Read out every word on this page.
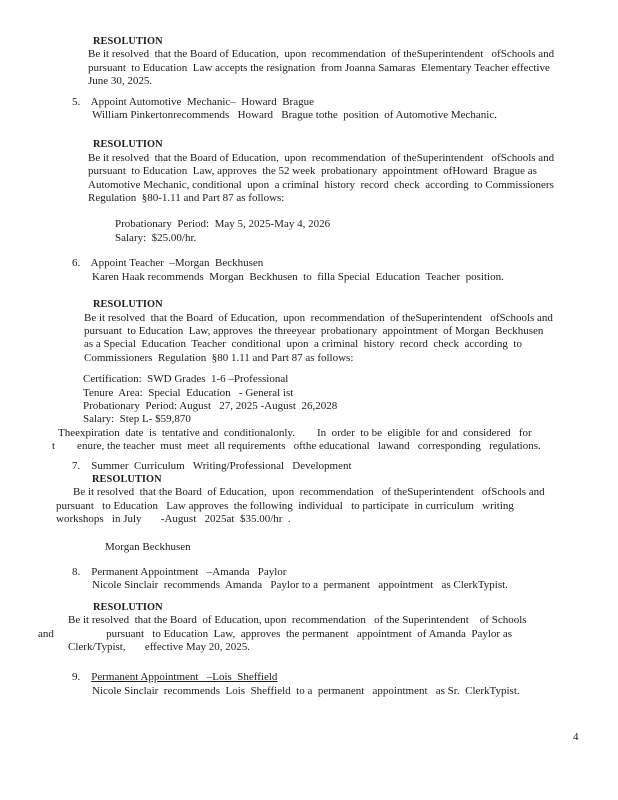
RESOLUTION
Be it resolved  that the Board of Education,  upon  recommendation  of theSuperintendent   ofSchools and
pursuant  to Education  Law accepts the resignation  from Joanna Samaras  Elementary Teacher effective
June 30, 2025.
5.    Appoint Automotive  Mechanic–  Howard  Brague
William Pinkertonrecommends   Howard   Brague tothe  position  of Automotive Mechanic.
RESOLUTION
Be it resolved  that the Board of Education,  upon  recommendation  of theSuperintendent   ofSchools and
pursuant  to Education  Law, approves  the 52 week  probationary  appointment  ofHoward  Brague as
Automotive Mechanic, conditional  upon  a criminal  history  record  check  according  to Commissioners
Regulation  §80-1.11 and Part 87 as follows:
Probationary  Period:  May 5, 2025-May 4, 2026
Salary:  $25.00/hr.
6.    Appoint Teacher  –Morgan  Beckhusen
Karen Haak recommends  Morgan  Beckhusen  to  filla Special  Education  Teacher  position.
RESOLUTION
Be it resolved  that the Board  of Education,  upon  recommendation  of theSuperintendent   ofSchools and
pursuant  to Education  Law, approves  the threeyear  probationary  appointment  of Morgan  Beckhusen
as a Special  Education  Teacher  conditional  upon  a criminal  history  record  check  according  to
Commissioners  Regulation  §80 1.11 and Part 87 as follows:
Certification:  SWD Grades  1-6 –Professional
Tenure  Area:  Special  Education   - General ist
Probationary  Period: August   27, 2025 -August  26,2028
Salary:  Step L- $59,870
Theexpiration  date  is  tentative and  conditionalonly.        In  order  to be  eligible  for and  considered   for
t        enure, the teacher  must  meet  all requirements   ofthe educational   lawand   corresponding   regulations.
7.    Summer  Curriculum   Writing/Professional   Development
RESOLUTION
Be it resolved  that the Board  of Education,  upon  recommendation   of theSuperintendent   ofSchools and
pursuant   to Education   Law approves  the following  individual   to participate  in curriculum   writing
workshops   in July       -August   2025at  $35.00/hr  .
Morgan Beckhusen
8.    Permanent Appointment   –Amanda   Paylor
Nicole Sinclair  recommends  Amanda   Paylor to a  permanent   appointment   as ClerkTypist.
RESOLUTION
Be it resolved  that the Board  of Education, upon  recommendation   of the Superintendent    of Schools
and                   pursuant   to Education  Law,  approves  the permanent   appointment  of Amanda  Paylor as
Clerk/Typist,       effective May 20, 2025.
9.    Permanent Appointment   –Lois  Sheffield
Nicole Sinclair  recommends  Lois  Sheffield  to a  permanent   appointment   as Sr.  ClerkTypist.
4
